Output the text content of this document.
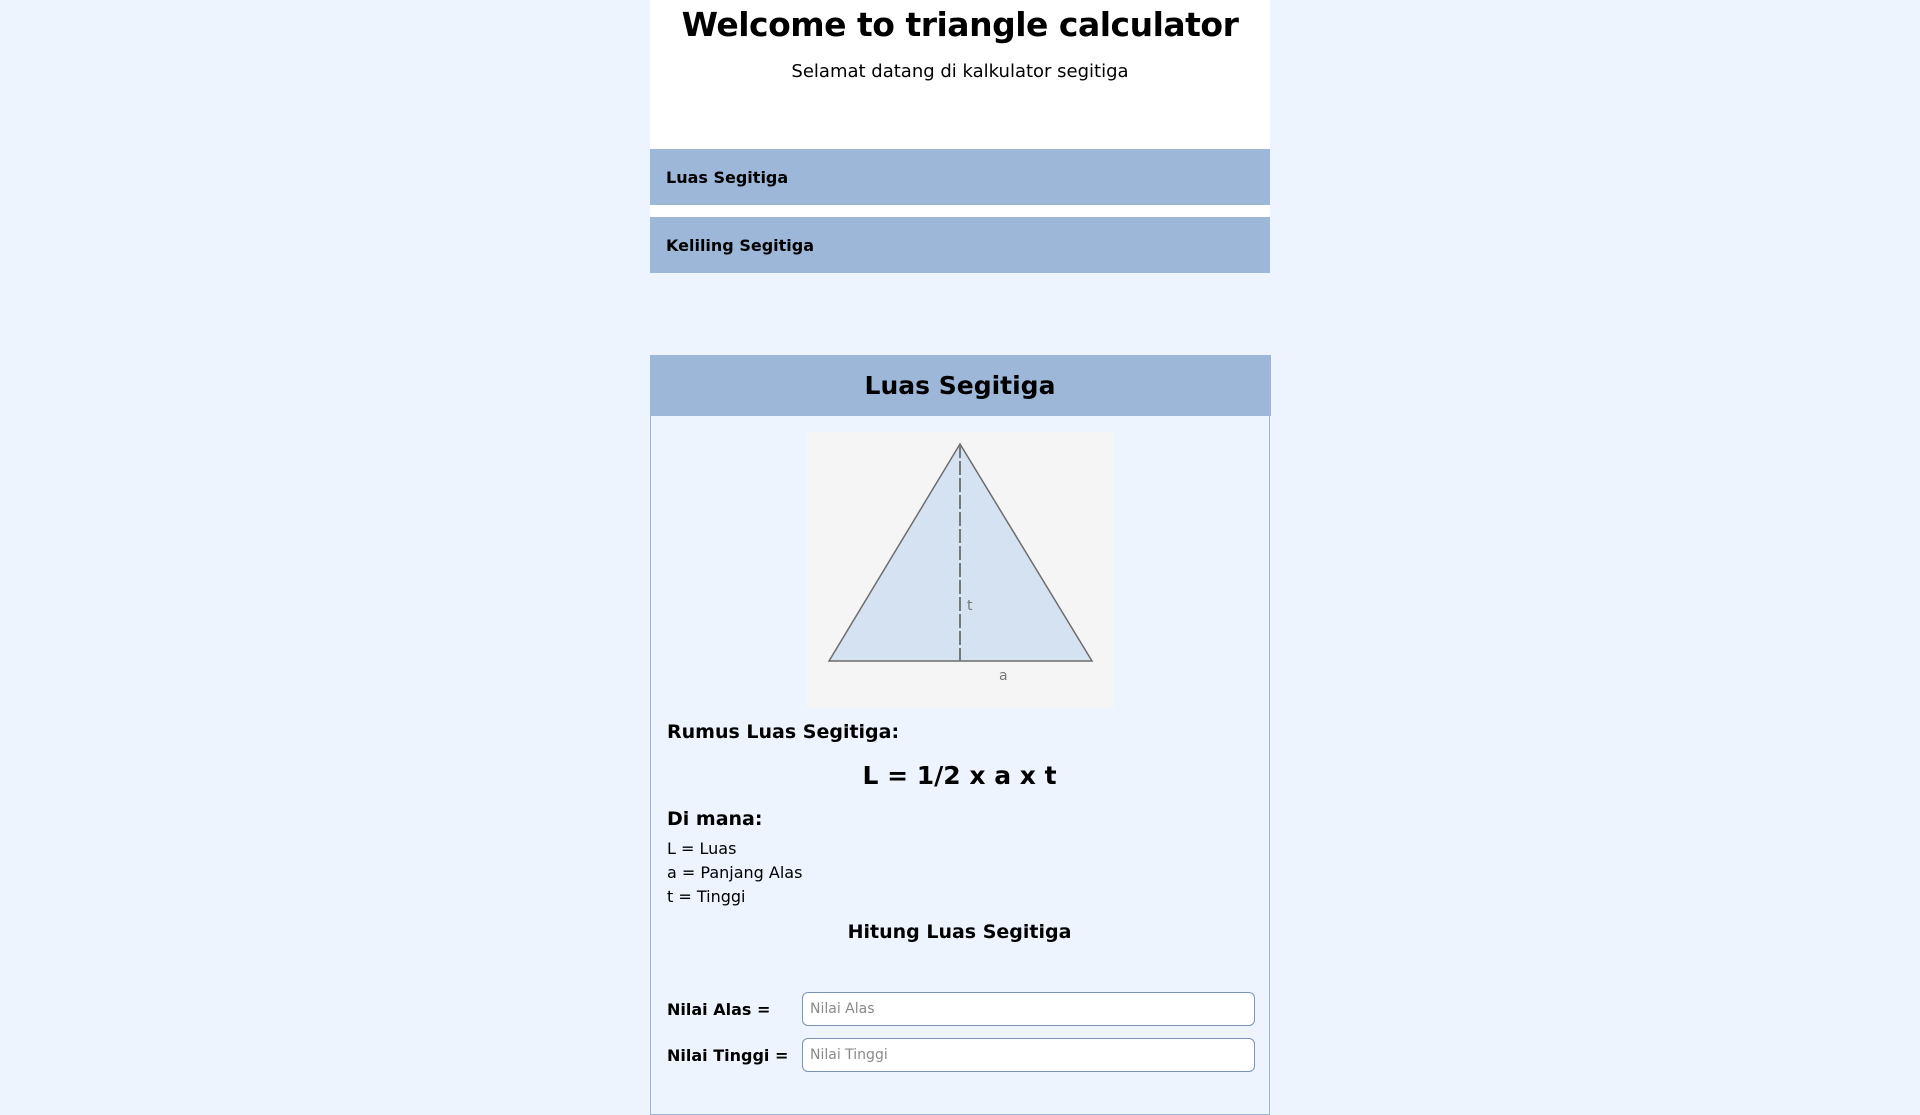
Welcome to triangle calculator

Selamat datang di kalkulator segitiga

Luas Segitiga
Keliling Segitiga
Luas Segitiga
t
a
Rumus Luas Segitiga:
L = 1/2 x a x t
Di mana:
L = Luas
a = Panjang Alas
t = Tinggi
Hitung Luas Segitiga
Nilai Alas =
Nilai Alas
Nilai Tinggi =
Nilai Tinggi
